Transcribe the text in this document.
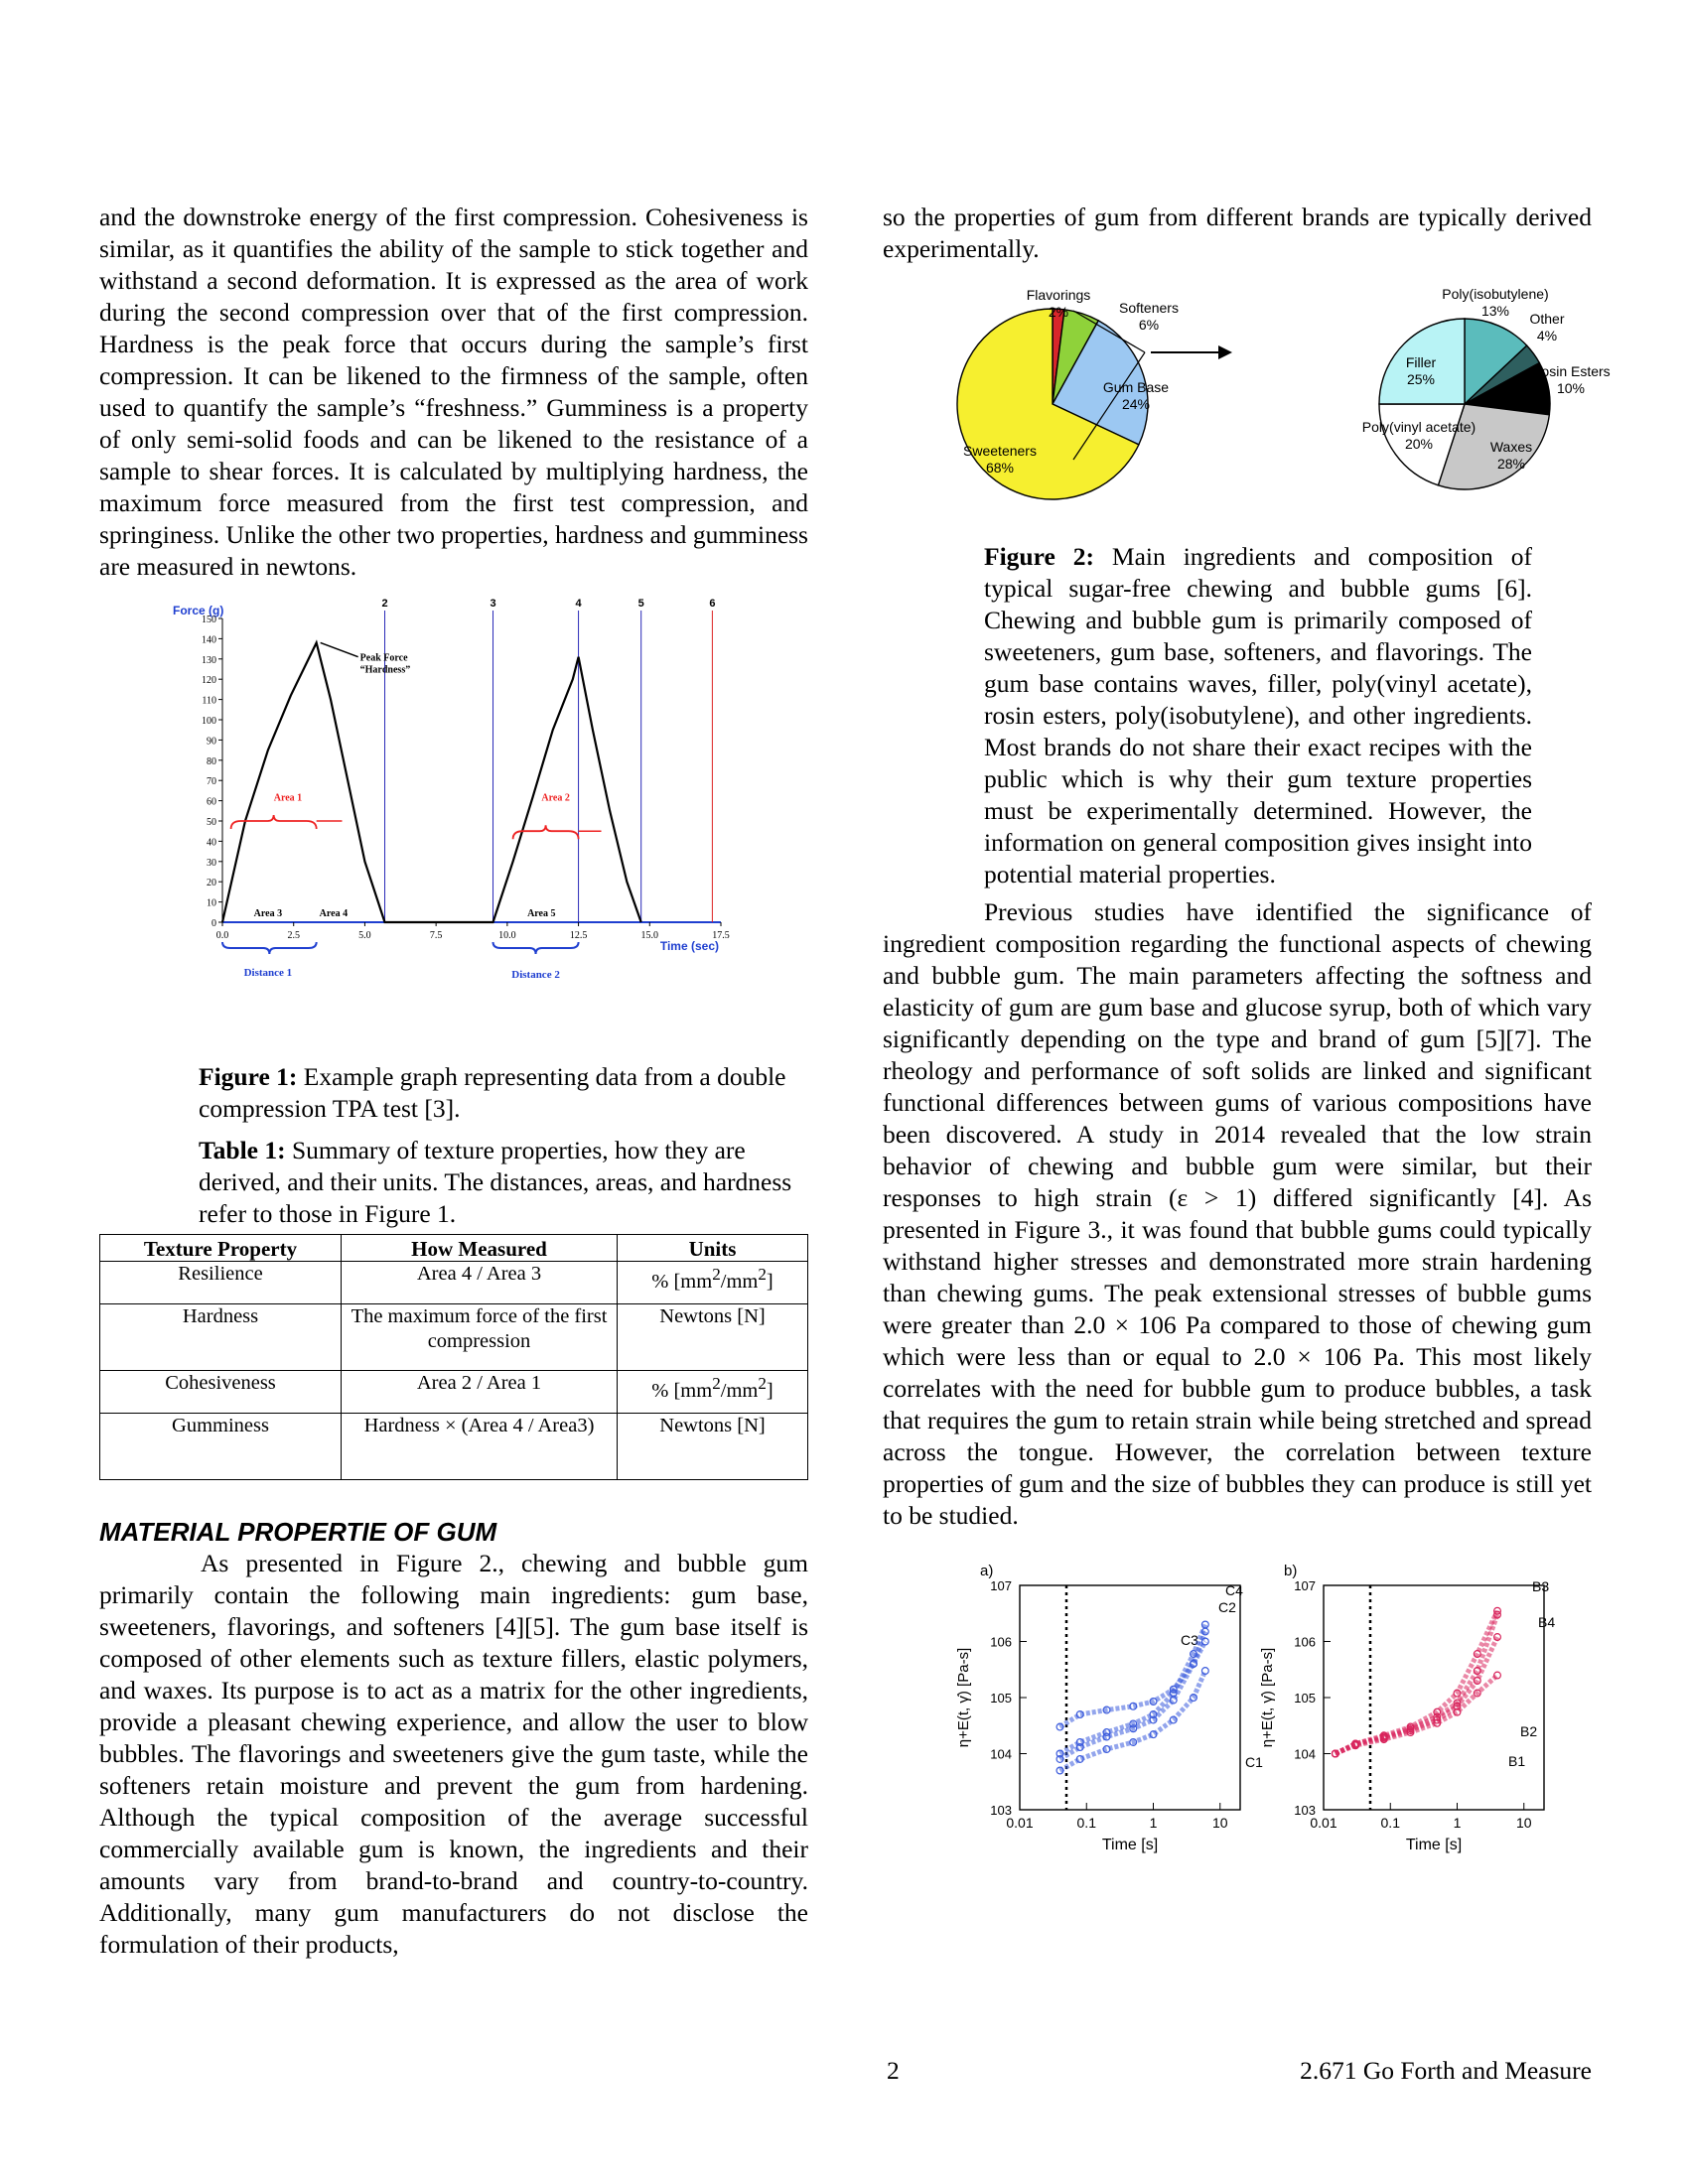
and the downstroke energy of the first compression. Cohesiveness is similar, as it quantifies the ability of the sample to stick together and withstand a second deformation. It is expressed as the area of work during the second compression over that of the first compression. Hardness is the peak force that occurs during the sample’s first compression. It can be likened to the firmness of the sample, often used to quantify the sample’s “freshness.” Gumminess is a property of only semi-solid foods and can be likened to the resistance of a sample to shear forces. It is calculated by multiplying hardness, the maximum force measured from the first test compression, and springiness. Unlike the other two properties, hardness and gumminess are measured in newtons.

Force (g)
0
10
20
30
40
50
60
70
80
90
100
110
120
130
140
150
0.0	2.5	5.0	7.5	10.0	12.5	15.0	17.5
Time (sec)
2	3	4	5	6
Peak Force
“Hardness”
Area 1	Area 2
Area 3	Area 4	Area 5
Distance 1	Distance 2
Figure 1: Example graph representing data from a double compression TPA test [3].
Table 1: Summary of texture properties, how they are derived, and their units. The distances, areas, and hardness refer to those in Figure 1.
Texture Property	How Measured	Units
Resilience	Area 4 / Area 3	% $[mm^2/mm^2]$
Hardness	The maximum force of the first compression	Newtons [N]
Cohesiveness	Area 2 / Area 1	% $[mm^2/mm^2]$
Gumminess	Hardness × (Area 4 / Area3)	Newtons [N]
MATERIAL PROPERTIE OF GUM

As presented in Figure 2., chewing and bubble gum primarily contain the following main ingredients: gum base, sweeteners, flavorings, and softeners [4][5]. The gum base itself is composed of other elements such as texture fillers, elastic polymers, and waxes. Its purpose is to act as a matrix for the other ingredients, provide a pleasant chewing experience, and allow the user to blow bubbles. The flavorings and sweeteners give the gum taste, while the softeners retain moisture and prevent the gum from hardening. Although the typical composition of the average successful commercially available gum is known, the ingredients and their amounts vary from brand-to-brand and country-to-country. Additionally, many gum manufacturers do not disclose the formulation of their products,

so the properties of gum from different brands are typically derived experimentally.

Flavorings
2%	Softeners
6%
Gum Base
24%
Sweeteners
68%
Poly(isobutylene)
13% Other
4%
Rosin Esters
10%
Waxes
28%
Poly(vinyl acetate)
20%
Filler
25%
Figure 2: Main ingredients and composition of typical sugar-free chewing and bubble gums [6]. Chewing and bubble gum is primarily composed of sweeteners, gum base, softeners, and flavorings. The gum base contains waves, filler, poly(vinyl acetate), rosin esters, poly(isobutylene), and other ingredients. Most brands do not share their exact recipes with the public which is why their gum texture properties must be experimentally determined. However, the information on general composition gives insight into potential material properties.

Previous studies have identified the significance of ingredient composition regarding the functional aspects of chewing and bubble gum. The main parameters affecting the softness and elasticity of gum are gum base and glucose syrup, both of which vary significantly depending on the type and brand of gum [5][7]. The rheology and performance of soft solids are linked and significant functional differences between gums of various compositions have been discovered. A study in 2014 revealed that the low strain behavior of chewing and bubble gum were similar, but their responses to high strain (ε > 1) differed significantly [4]. As presented in Figure 3., it was found that bubble gums could typically withstand higher stresses and demonstrated more strain hardening than chewing gums. The peak extensional stresses of bubble gums were greater than 2.0 × 106 Pa compared to those of chewing gum which were less than or equal to 2.0 × 106 Pa. This most likely correlates with the need for bubble gum to produce bubbles, a task that requires the gum to retain strain while being stretched and spread across the tongue. However, the correlation between texture properties of gum and the size of bubbles they can produce is still yet to be studied.

a)
0.01	0.1	1	10
103
104
105
106
107
Time [s]
η+E(t, γ̇) [Pa-s]
C1
C2
C3
C4
b)
0.01	0.1	1	10
103
104
105
106
107
Time [s]
η+E(t, γ̇) [Pa-s]
B1
B2
B3
B4
2	2.671 Go Forth and Measure
